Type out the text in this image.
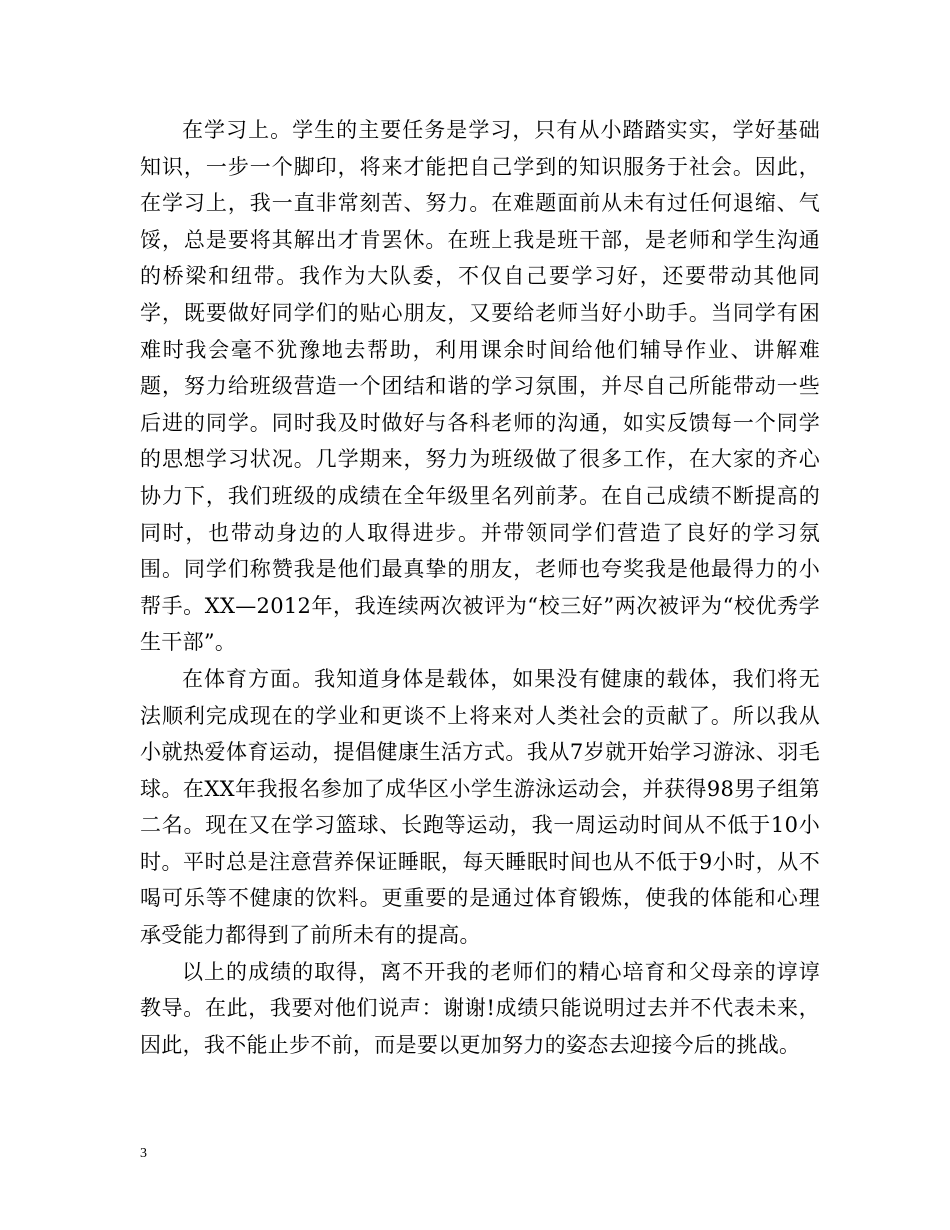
在学习上。学生的主要任务是学习，只有从小踏踏实实，学好基础知识，一步一个脚印，将来才能把自己学到的知识服务于社会。因此，在学习上，我一直非常刻苦、努力。在难题面前从未有过任何退缩、气馁，总是要将其解出才肯罢休。在班上我是班干部，是老师和学生沟通的桥梁和纽带。我作为大队委，不仅自己要学习好，还要带动其他同学，既要做好同学们的贴心朋友，又要给老师当好小助手。当同学有困难时我会毫不犹豫地去帮助，利用课余时间给他们辅导作业、讲解难题，努力给班级营造一个团结和谐的学习氛围，并尽自己所能带动一些后进的同学。同时我及时做好与各科老师的沟通，如实反馈每一个同学的思想学习状况。几学期来，努力为班级做了很多工作，在大家的齐心协力下，我们班级的成绩在全年级里名列前茅。在自己成绩不断提高的同时，也带动身边的人取得进步。并带领同学们营造了良好的学习氛围。同学们称赞我是他们最真挚的朋友，老师也夸奖我是他最得力的小帮手。XX—2012年，我连续两次被评为“校三好”两次被评为“校优秀学生干部”。

在体育方面。我知道身体是载体，如果没有健康的载体，我们将无法顺利完成现在的学业和更谈不上将来对人类社会的贡献了。所以我从小就热爱体育运动，提倡健康生活方式。我从7岁就开始学习游泳、羽毛球。在XX年我报名参加了成华区小学生游泳运动会，并获得98男子组第二名。现在又在学习篮球、长跑等运动，我一周运动时间从不低于10小时。平时总是注意营养保证睡眠，每天睡眠时间也从不低于9小时，从不喝可乐等不健康的饮料。更重要的是通过体育锻炼，使我的体能和心理承受能力都得到了前所未有的提高。

以上的成绩的取得，离不开我的老师们的精心培育和父母亲的谆谆教导。在此，我要对他们说声：谢谢!成绩只能说明过去并不代表未来，因此，我不能止步不前，而是要以更加努力的姿态去迎接今后的挑战。

3
